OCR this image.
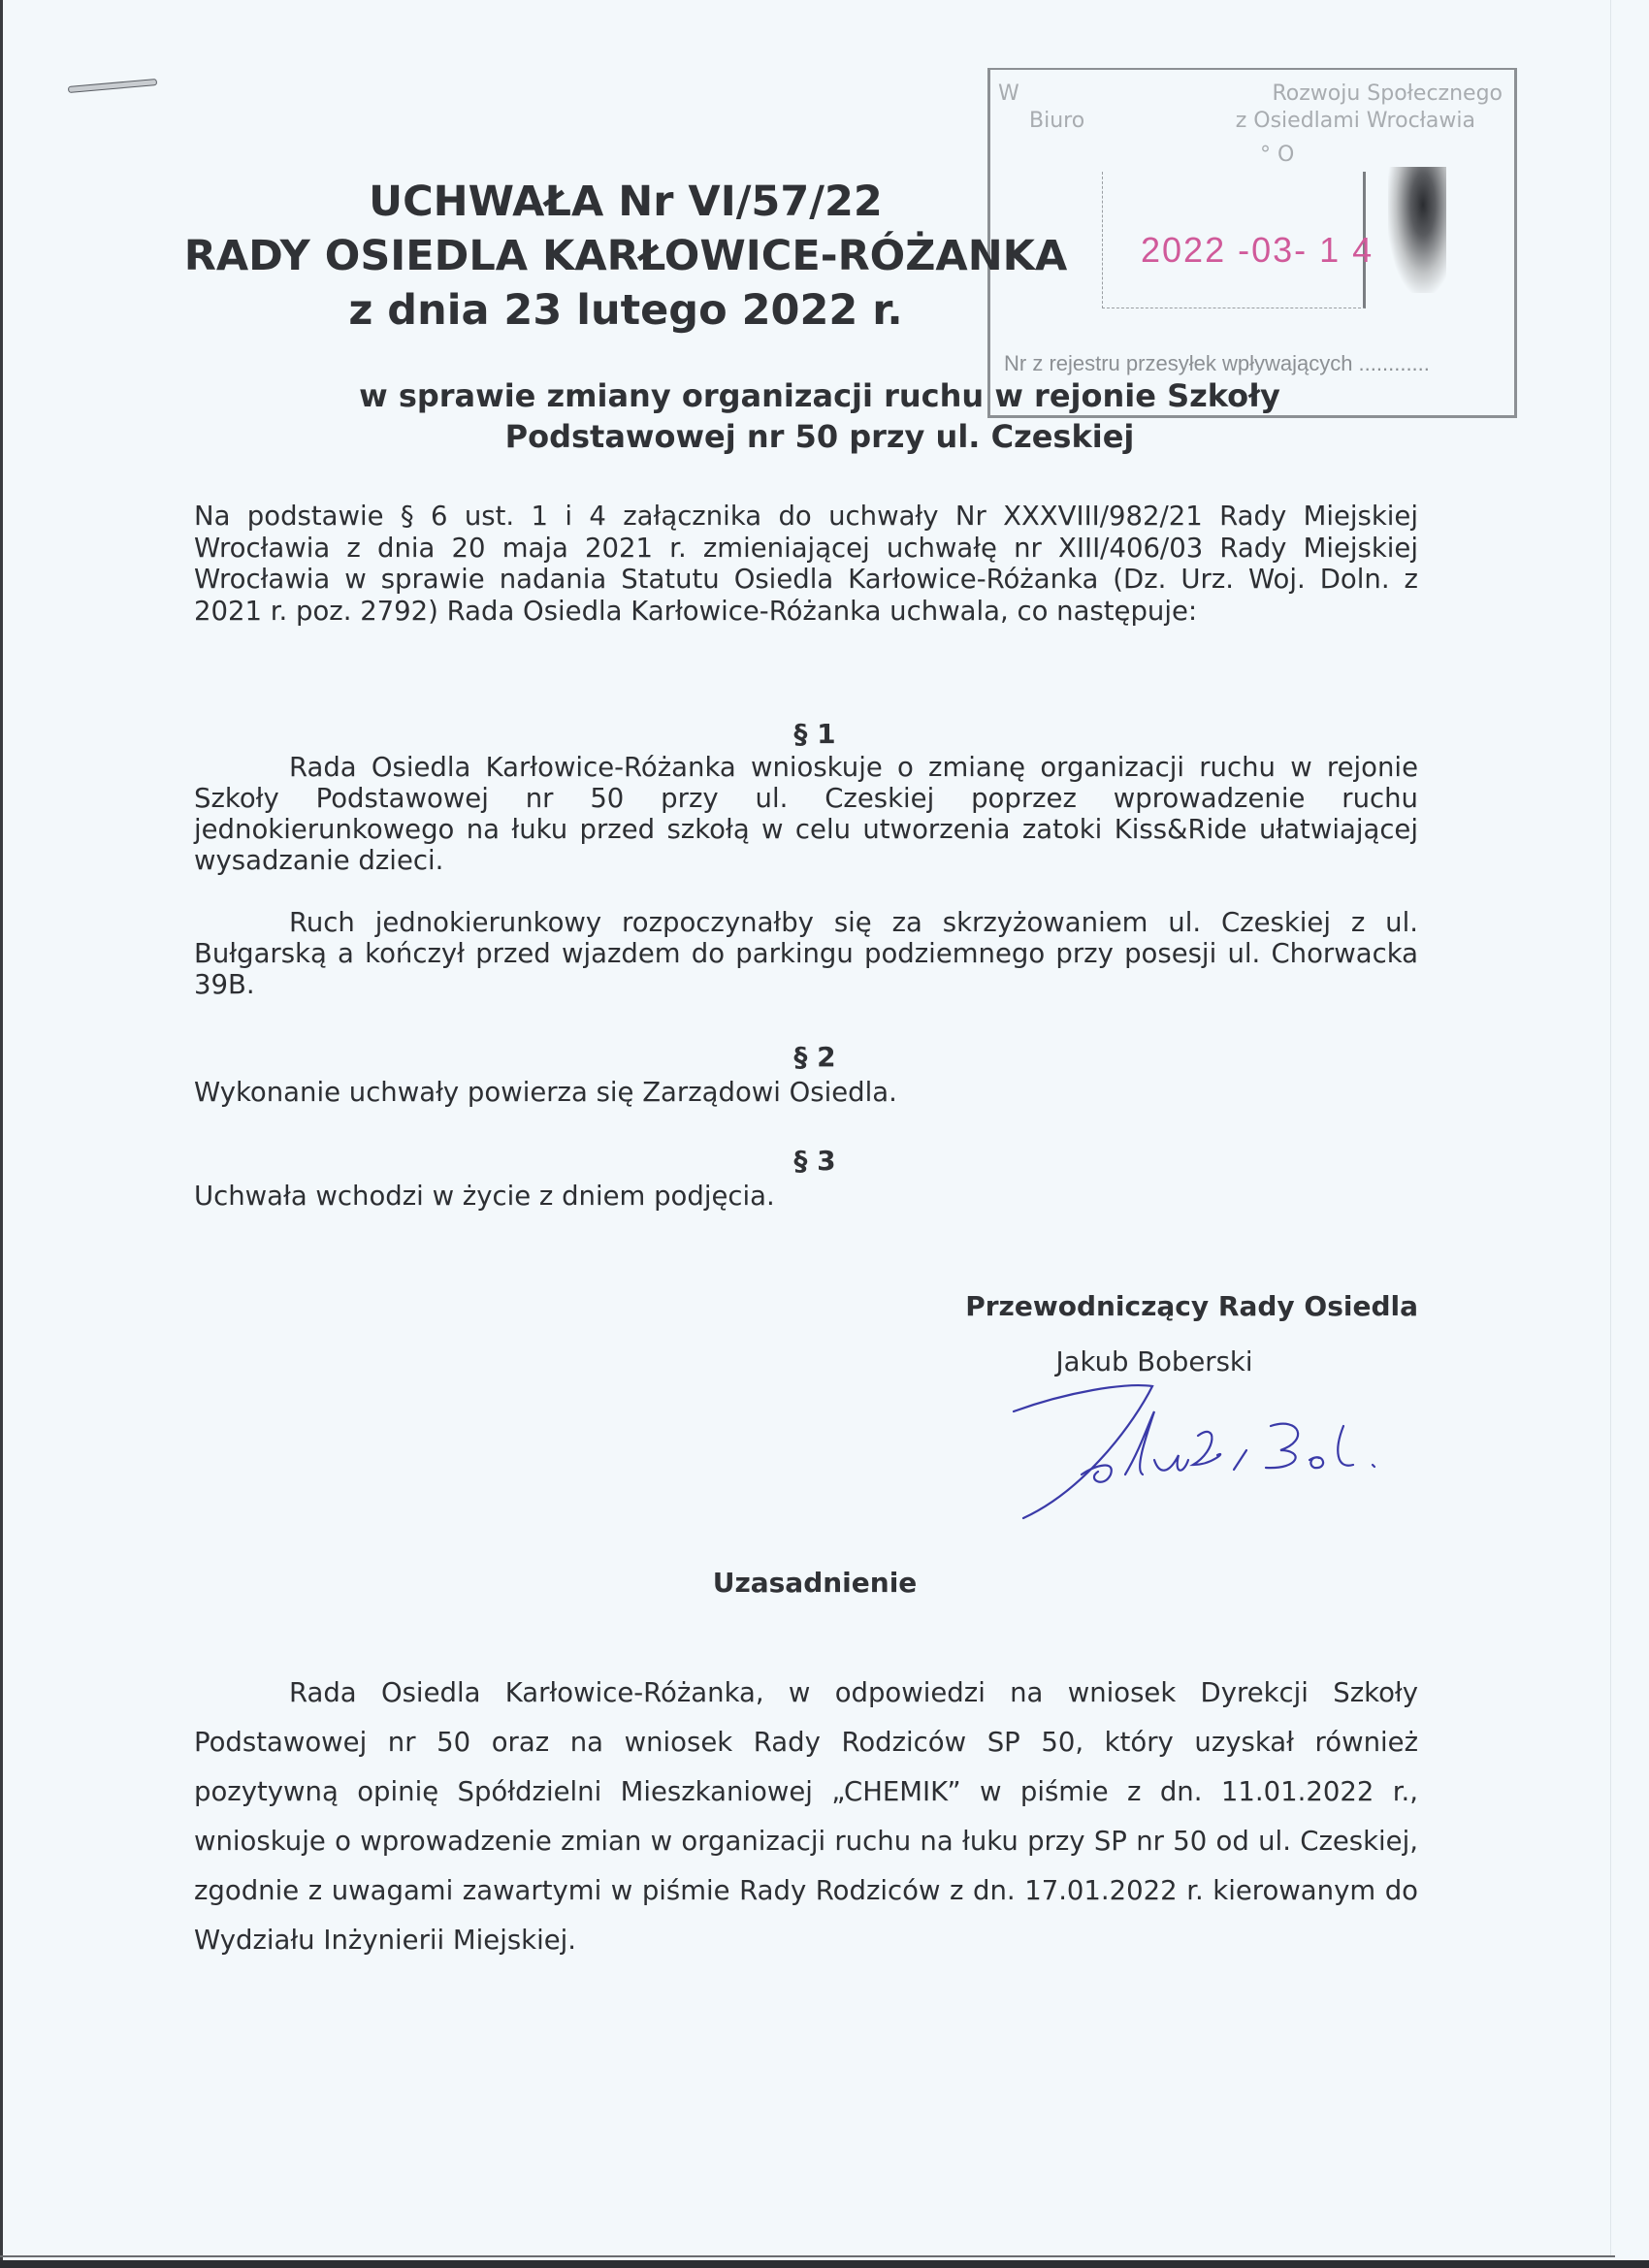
W	Rozwoju Społecznego
Biuro	z Osiedlami Wrocławia
° O
2022 -03- 1 4
Nr z rejestru przesyłek wpływających ............
UCHWAŁA Nr VI/57/22
RADY OSIEDLA KARŁOWICE-RÓŻANKA
z dnia 23 lutego 2022 r.
w sprawie zmiany organizacji ruchu w rejonie Szkoły
Podstawowej nr 50 przy ul. Czeskiej
Na podstawie § 6 ust. 1 i 4 załącznika do uchwały Nr XXXVIII/982/21 Rady Miejskiej Wrocławia z dnia 20 maja 2021 r. zmieniającej uchwałę nr XIII/406/03 Rady Miejskiej Wrocławia w sprawie nadania Statutu Osiedla Karłowice-Różanka (Dz. Urz. Woj. Doln. z 2021 r. poz. 2792) Rada Osiedla Karłowice-Różanka uchwala, co następuje:
§ 1
Rada Osiedla Karłowice-Różanka wnioskuje o zmianę organizacji ruchu w rejonie Szkoły Podstawowej nr 50 przy ul. Czeskiej poprzez wprowadzenie ruchu jednokierunkowego na łuku przed szkołą w celu utworzenia zatoki Kiss&Ride ułatwiającej wysadzanie dzieci.
Ruch jednokierunkowy rozpoczynałby się za skrzyżowaniem ul. Czeskiej z ul. Bułgarską a kończył przed wjazdem do parkingu podziemnego przy posesji ul. Chorwacka 39B.
§ 2
Wykonanie uchwały powierza się Zarządowi Osiedla.
§ 3
Uchwała wchodzi w życie z dniem podjęcia.
Przewodniczący Rady Osiedla
Jakub Boberski
Uzasadnienie
Rada Osiedla Karłowice-Różanka, w odpowiedzi na wniosek Dyrekcji Szkoły Podstawowej nr 50 oraz na wniosek Rady Rodziców SP 50, który uzyskał również pozytywną opinię Spółdzielni Mieszkaniowej „CHEMIK” w piśmie z dn. 11.01.2022 r., wnioskuje o wprowadzenie zmian w organizacji ruchu na łuku przy SP nr 50 od ul. Czeskiej, zgodnie z uwagami zawartymi w piśmie Rady Rodziców z dn. 17.01.2022 r. kierowanym do Wydziału Inżynierii Miejskiej.
